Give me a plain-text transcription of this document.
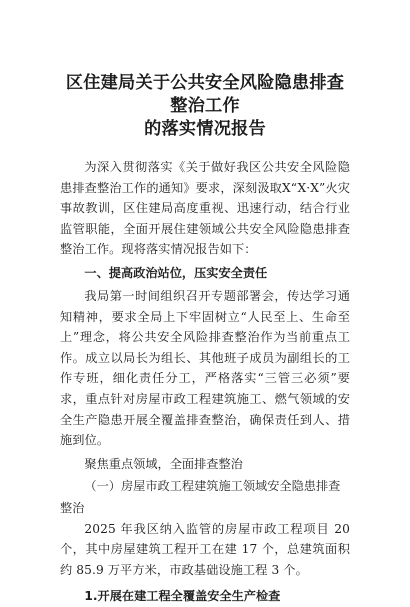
区住建局关于公共安全风险隐患排查整治工作
的落实情况报告

为深入贯彻落实《关于做好我区公共安全风险隐患排查整治工作的通知》要求，深刻汲取X“X·X”火灾事故教训，区住建局高度重视、迅速行动，结合行业监管职能，全面开展住建领域公共安全风险隐患排查整治工作。现将落实情况报告如下：

一、提高政治站位，压实安全责任

我局第一时间组织召开专题部署会，传达学习通知精神，要求全局上下牢固树立“人民至上、生命至上”理念，将公共安全风险排查整治作为当前重点工作。成立以局长为组长、其他班子成员为副组长的工作专班，细化责任分工，严格落实“三管三必须”要求，重点针对房屋市政工程建筑施工、燃气领域的安全生产隐患开展全覆盖排查整治，确保责任到人、措施到位。

聚焦重点领域，全面排查整治

（一）房屋市政工程建筑施工领域安全隐患排查整治

2025 年我区纳入监管的房屋市政工程项目 20 个，其中房屋建筑工程开工在建 17 个，总建筑面积约 85.9 万平方米，市政基础设施工程 3 个。

1.开展在建工程全覆盖安全生产检查
